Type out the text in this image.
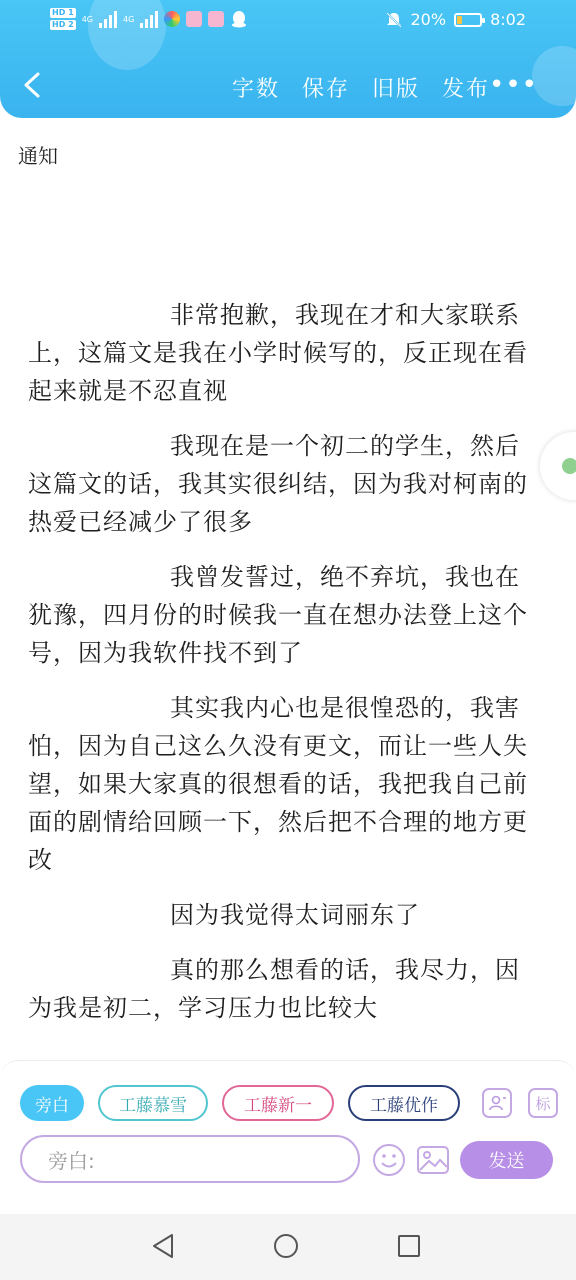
HD 1
HD 2
4G	4G	20%	8:02
字数 保存 旧版 发布
•••
通知

非常抱歉，我现在才和大家联系上，这篇文是我在小学时候写的，反正现在看起来就是不忍直视

我现在是一个初二的学生，然后这篇文的话，我其实很纠结，因为我对柯南的热爱已经减少了很多

我曾发誓过，绝不弃坑，我也在犹豫，四月份的时候我一直在想办法登上这个号，因为我软件找不到了

其实我内心也是很惶恐的，我害怕，因为自己这么久没有更文，而让一些人失望，如果大家真的很想看的话，我把我自己前面的剧情给回顾一下，然后把不合理的地方更改

因为我觉得太词丽东了

真的那么想看的话，我尽力，因为我是初二，学习压力也比较大

旁白	工藤慕雪	工藤新一	工藤优作	标
旁白:	发送
